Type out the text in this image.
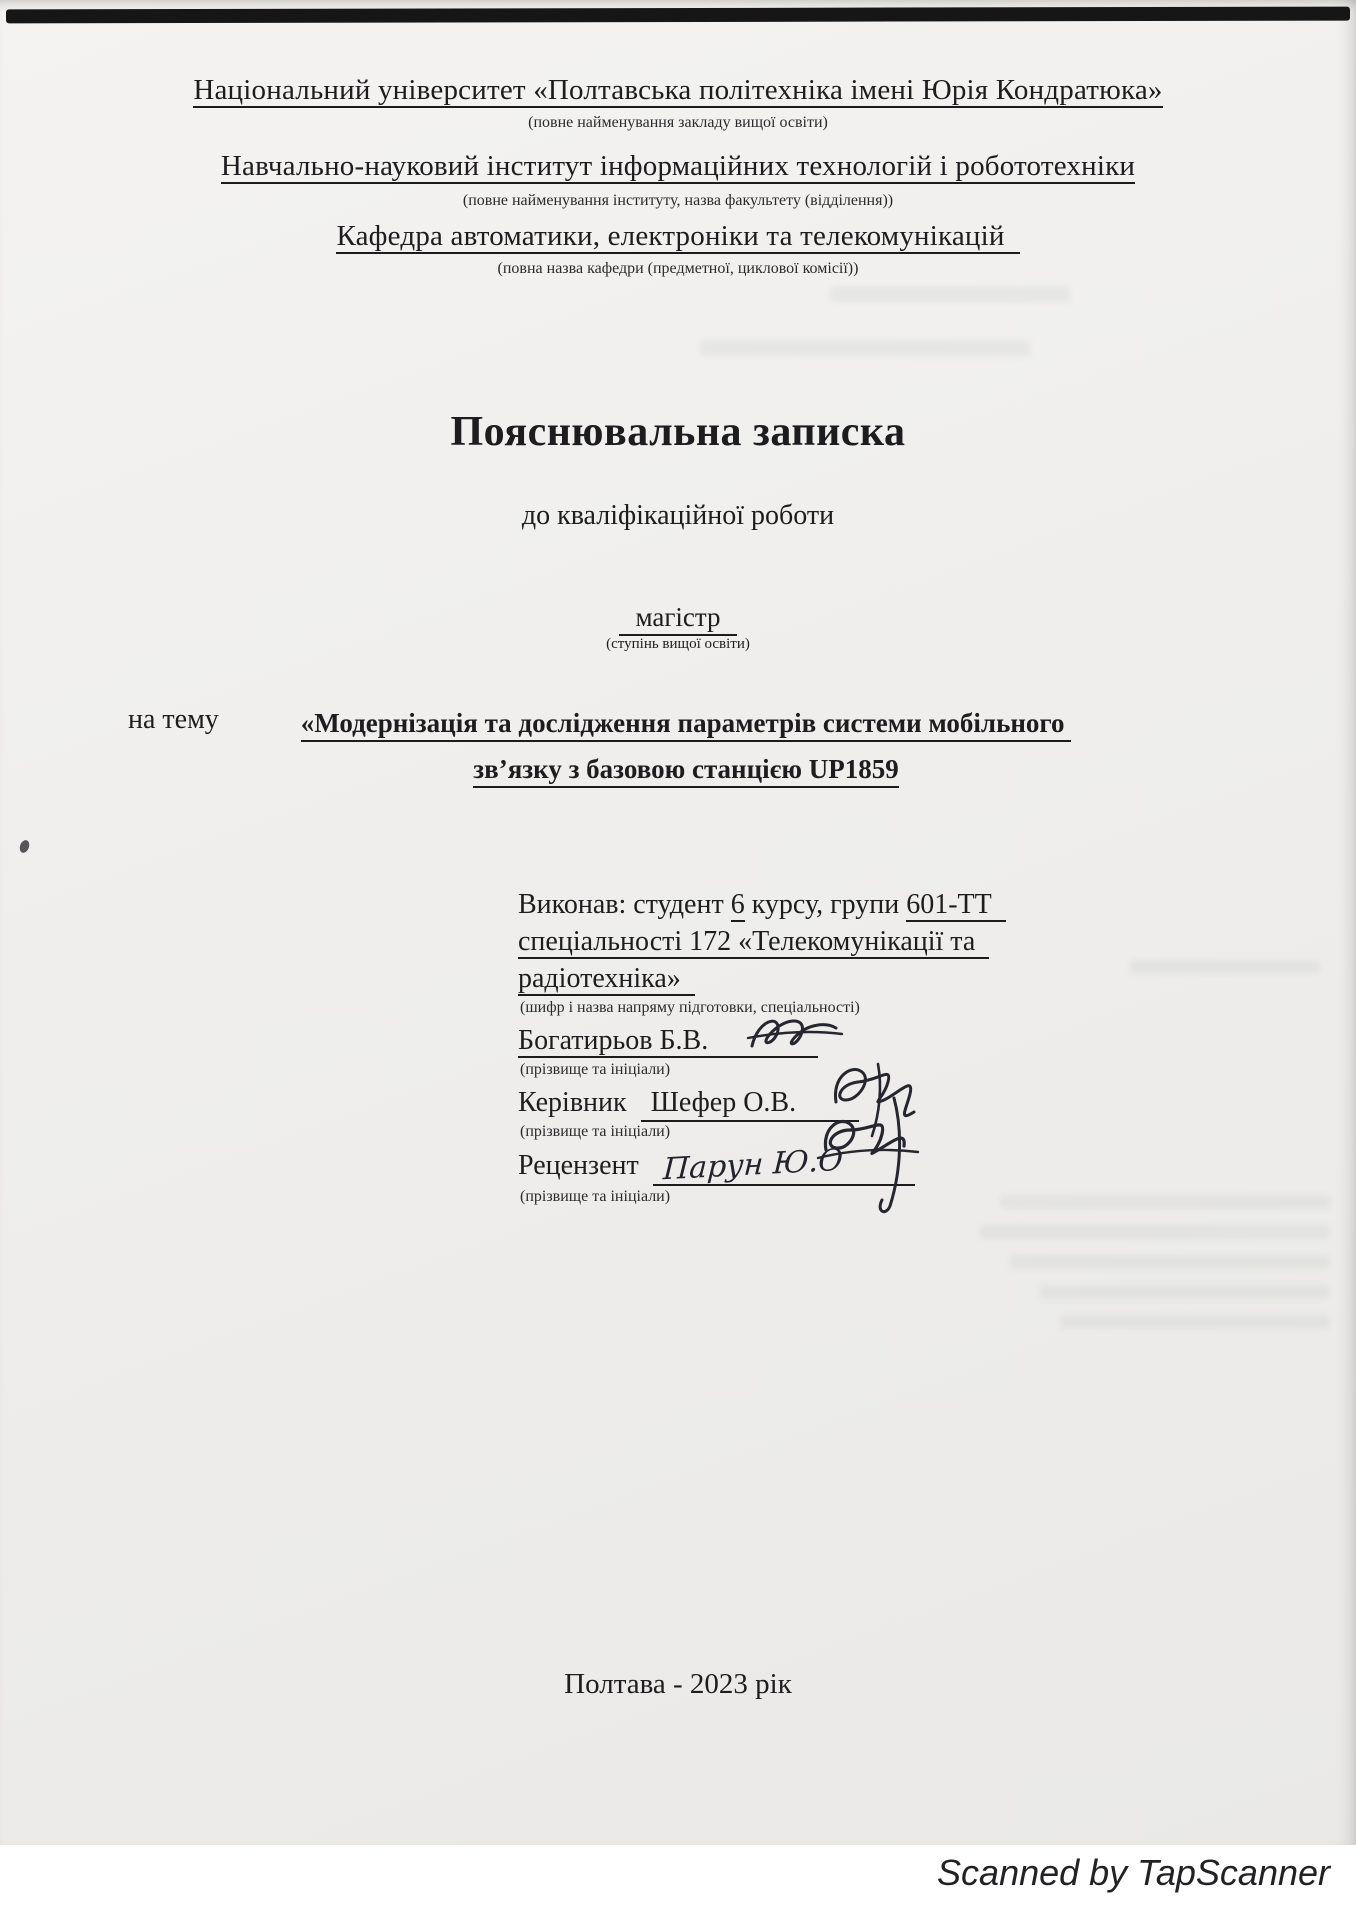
Національний університет «Полтавська політехніка імені Юрія Кондратюка»
(повне найменування закладу вищої освіти)
Навчально-науковий інститут інформаційних технологій і робототехніки
(повне найменування інституту, назва факультету (відділення))
Кафедра автоматики, електроніки та телекомунікацій
(повна назва кафедри (предметної, циклової комісії))
Пояснювальна записка
до кваліфікаційної роботи
магістр
(ступінь вищої освіти)
на тему	«Модернізація та дослідження параметрів системи мобільного
зв’язку з базовою станцією UP1859
Виконав: студент 6 курсу, групи 601-ТТ
спеціальності 172 «Телекомунікації та
радіотехніка»
(шифр і назва напряму підготовки, спеціальності)
Богатирьов Б.В.
(прізвище та ініціали)
Керівник Шефер О.В.
(прізвище та ініціали)
Рецензент Парун Ю.О
(прізвище та ініціали)
Полтава - 2023 рік
Scanned by TapScanner
